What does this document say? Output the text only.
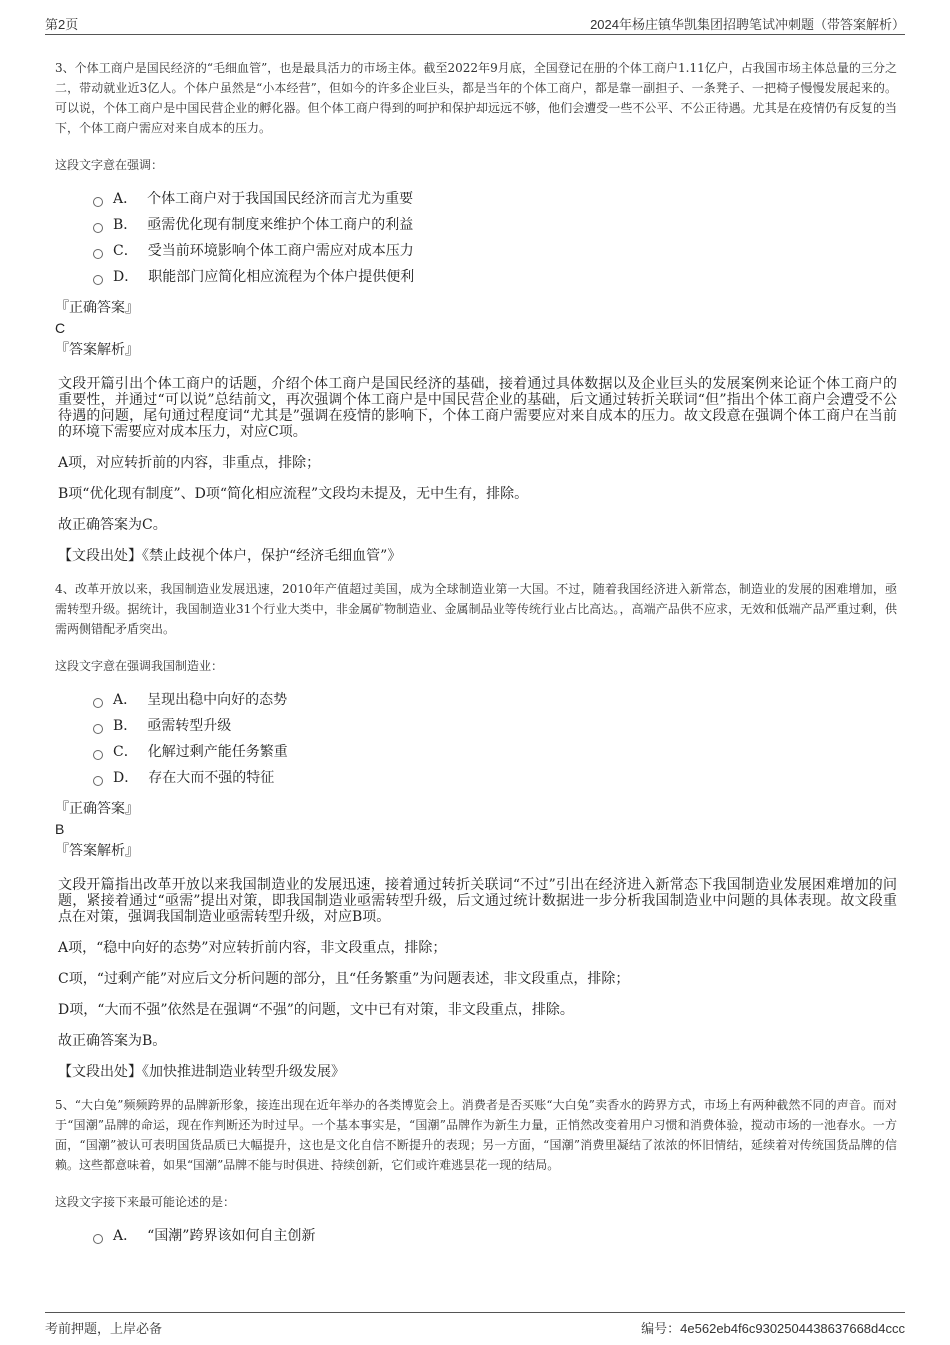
第2页	2024年杨庄镇华凯集团招聘笔试冲刺题（带答案解析）

3、个体工商户是国民经济的“毛细血管”，也是最具活力的市场主体。截至2022年9月底，全国登记在册的个体工商户1.11亿户，占我国市场主体总量的三分之二，带动就业近3亿人。个体户虽然是“小本经营”，但如今的许多企业巨头，都是当年的个体工商户，都是靠一副担子、一条凳子、一把椅子慢慢发展起来的。可以说，个体工商户是中国民营企业的孵化器。但个体工商户得到的呵护和保护却远远不够，他们会遭受一些不公平、不公正待遇。尤其是在疫情仍有反复的当下，个体工商户需应对来自成本的压力。

这段文字意在强调：

A． 个体工商户对于我国国民经济而言尤为重要
B． 亟需优化现有制度来维护个体工商户的利益
C． 受当前环境影响个体工商户需应对成本压力
D． 职能部门应简化相应流程为个体户提供便利

『正确答案』

C

『答案解析』

文段开篇引出个体工商户的话题，介绍个体工商户是国民经济的基础，接着通过具体数据以及企业巨头的发展案例来论证个体工商户的重要性，并通过“可以说”总结前文，再次强调个体工商户是中国民营企业的基础，后文通过转折关联词“但”指出个体工商户会遭受不公待遇的问题，尾句通过程度词“尤其是”强调在疫情的影响下，个体工商户需要应对来自成本的压力。故文段意在强调个体工商户在当前的环境下需要应对成本压力，对应C项。

A项，对应转折前的内容，非重点，排除；

B项“优化现有制度”、D项“简化相应流程”文段均未提及，无中生有，排除。

故正确答案为C。

【文段出处】《禁止歧视个体户，保护“经济毛细血管”》

4、改革开放以来，我国制造业发展迅速，2010年产值超过美国，成为全球制造业第一大国。不过，随着我国经济进入新常态，制造业的发展的困难增加，亟需转型升级。据统计，我国制造业31个行业大类中，非金属矿物制造业、金属制品业等传统行业占比高达。，高端产品供不应求，无效和低端产品严重过剩，供需两侧错配矛盾突出。

这段文字意在强调我国制造业：

A． 呈现出稳中向好的态势
B． 亟需转型升级
C． 化解过剩产能任务繁重
D． 存在大而不强的特征

『正确答案』

B

『答案解析』

文段开篇指出改革开放以来我国制造业的发展迅速，接着通过转折关联词“不过”引出在经济进入新常态下我国制造业发展困难增加的问题，紧接着通过“亟需”提出对策，即我国制造业亟需转型升级，后文通过统计数据进一步分析我国制造业中问题的具体表现。故文段重点在对策，强调我国制造业亟需转型升级，对应B项。

A项，“稳中向好的态势”对应转折前内容，非文段重点，排除；

C项，“过剩产能”对应后文分析问题的部分，且“任务繁重”为问题表述，非文段重点，排除；

D项，“大而不强”依然是在强调“不强”的问题，文中已有对策，非文段重点，排除。

故正确答案为B。

【文段出处】《加快推进制造业转型升级发展》

5、“大白兔”频频跨界的品牌新形象，接连出现在近年举办的各类博览会上。消费者是否买账“大白兔”卖香水的跨界方式，市场上有两种截然不同的声音。而对于“国潮”品牌的命运，现在作判断还为时过早。一个基本事实是，“国潮”品牌作为新生力量，正悄然改变着用户习惯和消费体验，搅动市场的一池春水。一方面，“国潮”被认可表明国货品质已大幅提升，这也是文化自信不断提升的表现；另一方面，“国潮”消费里凝结了浓浓的怀旧情结，延续着对传统国货品牌的信赖。这些都意味着，如果“国潮”品牌不能与时俱进、持续创新，它们或许难逃昙花一现的结局。

这段文字接下来最可能论述的是：

A． “国潮”跨界该如何自主创新
考前押题，上岸必备	编号：4e562eb4f6c9302504438637668d4ccc
